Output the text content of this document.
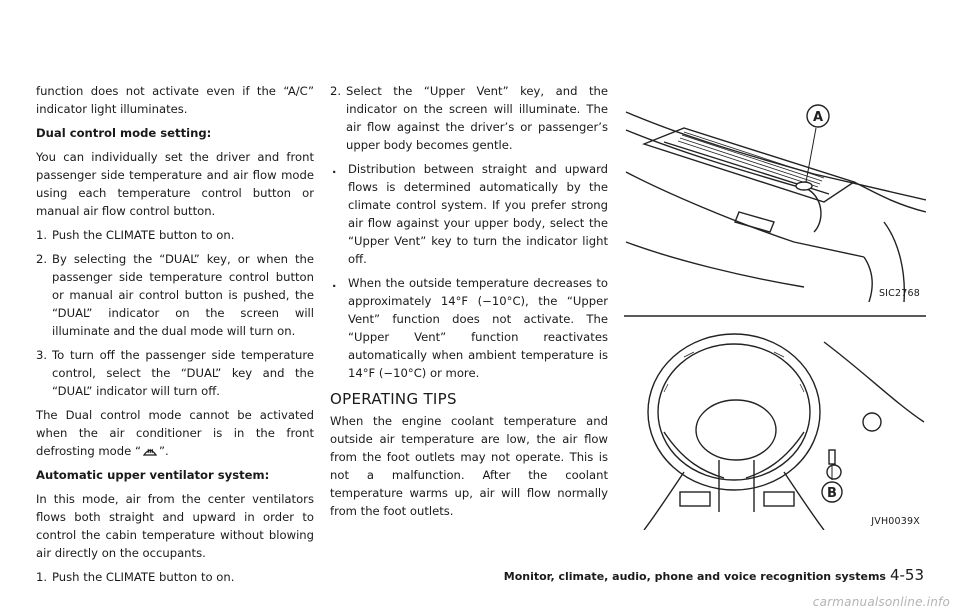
function does not activate even if the “A/C” indicator light illuminates.

Dual control mode setting:

You can individually set the driver and front passenger side temperature and air flow mode using each temperature control button or manual air flow control button.

1. Push the CLIMATE button to on.
2. By selecting the “DUAL” key, or when the passenger side temperature control button or manual air control button is pushed, the “DUAL” indicator on the screen will illuminate and the dual mode will turn on.
3. To turn off the passenger side temperature control, select the “DUAL” key and the “DUAL” indicator will turn off.

The Dual control mode cannot be activated when the air conditioner is in the front defrosting mode “ ”.

Automatic upper ventilator system:

In this mode, air from the center ventilators flows both straight and upward in order to control the cabin temperature without blowing air directly on the occupants.

1. Push the CLIMATE button to on.
2. Select the “Upper Vent” key, and the indicator on the screen will illuminate. The air flow against the driver’s or passenger’s upper body becomes gentle.
. Distribution between straight and upward flows is determined automatically by the climate control system. If you prefer strong air flow against your upper body, select the “Upper Vent” key to turn the indicator light off.
. When the outside temperature decreases to approximately 14°F (−10°C), the “Upper Vent” function does not activate. The “Upper Vent” function reactivates automatically when ambient temperature is 14°F (−10°C) or more.
OPERATING TIPS

When the engine coolant temperature and outside air temperature are low, the air flow from the foot outlets may not operate. This is not a malfunction. After the coolant temperature warms up, air will flow normally from the foot outlets.

A
SIC2768
B
JVH0039X
Monitor, climate, audio, phone and voice recognition systems 4-53
carmanualsonline.info
